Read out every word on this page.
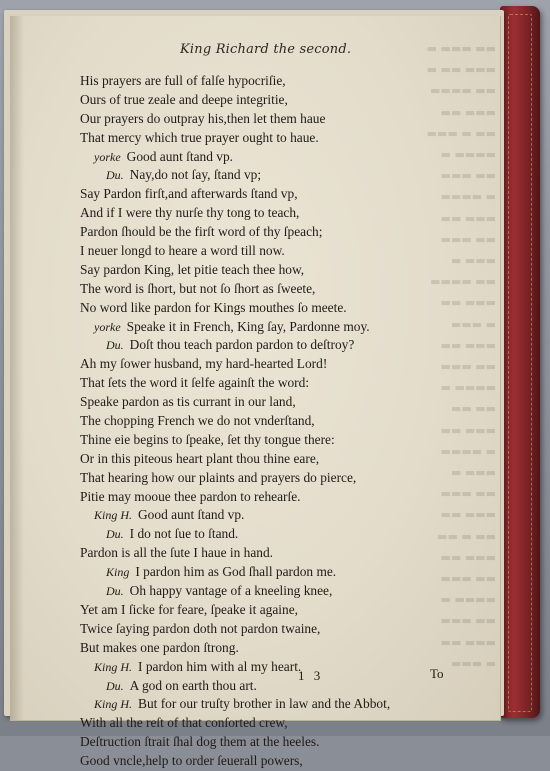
▬▬ ▬▬▬ ▬
▬▬▬ ▬▬ ▬
▬▬ ▬▬▬▬
▬▬▬ ▬▬
▬▬ ▬ ▬▬▬
▬▬▬▬ ▬
▬▬ ▬▬▬
▬ ▬▬▬▬
▬▬▬ ▬▬
▬▬ ▬▬▬
▬▬▬ ▬
▬▬ ▬▬▬▬
▬▬▬ ▬▬
▬ ▬▬▬
▬▬▬ ▬▬
▬▬ ▬▬▬
▬▬▬▬ ▬
▬▬ ▬▬
▬▬▬ ▬▬
▬ ▬▬▬▬
▬▬▬ ▬
▬▬ ▬▬▬
▬▬▬ ▬▬
▬▬ ▬ ▬▬
▬▬▬ ▬▬
▬▬ ▬▬▬
▬▬▬▬ ▬
▬▬ ▬▬▬
▬▬▬ ▬▬
▬ ▬▬▬
King Richard the second.
His prayers are full of falſe hypocriſie,
Ours of true zeale and deepe integritie,
Our prayers do outpray his,then let them haue
That mercy which true prayer ought to haue.
yorke Good aunt ſtand vp.
Du. Nay,do not ſay, ſtand vp;
Say Pardon firſt,and afterwards ſtand vp,
And if I were thy nurſe thy tong to teach,
Pardon ſhould be the firſt word of thy ſpeach;
I neuer longd to heare a word till now.
Say pardon King, let pitie teach thee how,
The word is ſhort, but not ſo ſhort as ſweete,
No word like pardon for Kings mouthes ſo meete.
yorke Speake it in French, King ſay, Pardonne moy.
Du. Doſt thou teach pardon pardon to deſtroy?
Ah my ſower husband, my hard-hearted Lord!
That ſets the word it ſelfe againſt the word:
Speake pardon as tis currant in our land,
The chopping French we do not vnderſtand,
Thine eie begins to ſpeake, ſet thy tongue there:
Or in this piteous heart plant thou thine eare,
That hearing how our plaints and prayers do pierce,
Pitie may mooue thee pardon to rehearſe.
King H. Good aunt ſtand vp.
Du. I do not ſue to ſtand.
Pardon is all the ſute I haue in hand.
King I pardon him as God ſhall pardon me.
Du. Oh happy vantage of a kneeling knee,
Yet am I ſicke for feare, ſpeake it againe,
Twice ſaying pardon doth not pardon twaine,
But makes one pardon ſtrong.
King H. I pardon him with al my heart.
Du. A god on earth thou art.
King H. But for our truſty brother in law and the Abbot,
With all the reſt of that conſorted crew,
Deſtruction ſtrait ſhal dog them at the heeles.
Good vncle,help to order ſeuerall powers,
1 3	To
